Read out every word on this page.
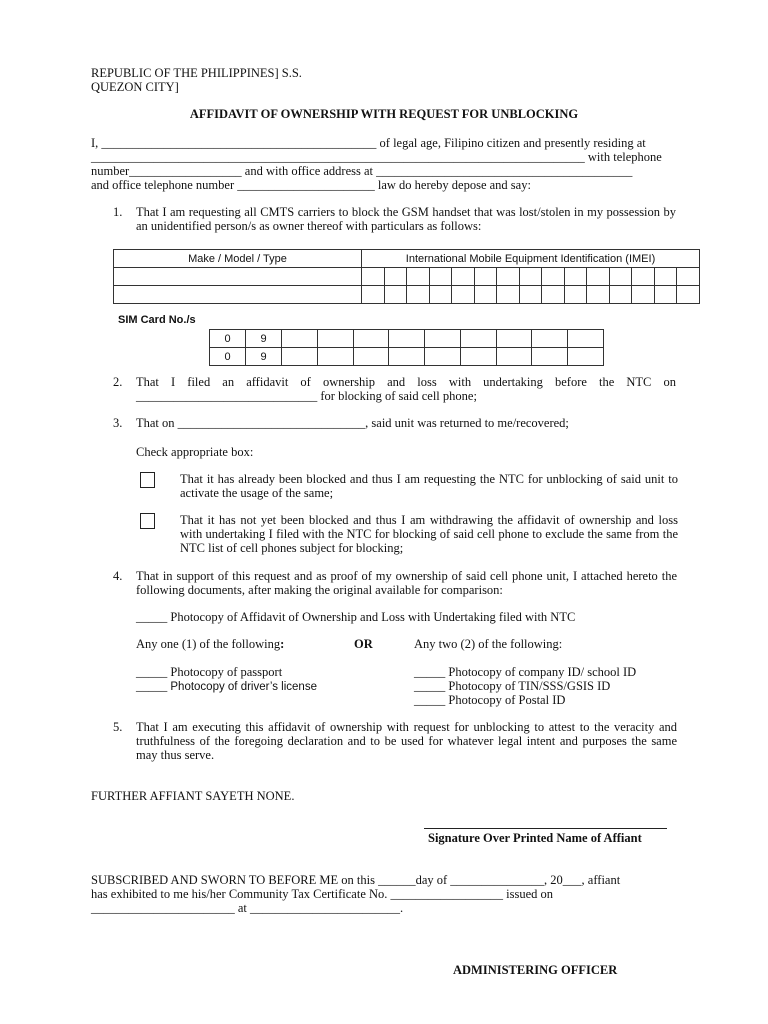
REPUBLIC OF THE PHILIPPINES] S.S.
QUEZON CITY]
AFFIDAVIT OF OWNERSHIP WITH REQUEST FOR UNBLOCKING
I, ____________________________________________ of legal age, Filipino citizen and presently residing at
_______________________________________________________________________________ with telephone
number__________________ and with office address at _________________________________________
and office telephone number ______________________ law do hereby depose and say:
1. That I am requesting all CMTS carriers to block the GSM handset that was lost/stolen in my possession by an unidentified person/s as owner thereof with particulars as follows:
Make / Model / Type	International Mobile Equipment Identification (IMEI)														

SIM Card No./s
0	9									
0	9									
2. That I filed an affidavit of ownership and loss with undertaking before the NTC on
_____________________________ for blocking of said cell phone;
3. That on ______________________________, said unit was returned to me/recovered;
Check appropriate box:
That it has already been blocked and thus I am requesting the NTC for unblocking of said unit to activate the usage of the same;
That it has not yet been blocked and thus I am withdrawing the affidavit of ownership and loss with undertaking I filed with the NTC for blocking of said cell phone to exclude the same from the NTC list of cell phones subject for blocking;
4. That in support of this request and as proof of my ownership of said cell phone unit, I attached hereto the following documents, after making the original available for comparison:
_____ Photocopy of Affidavit of Ownership and Loss with Undertaking filed with NTC
Any one (1) of the following:	OR	Any two (2) of the following:
_____ Photocopy of passport
_____ Photocopy of driver’s license
_____ Photocopy of company ID/ school ID
_____ Photocopy of TIN/SSS/GSIS ID
_____ Photocopy of Postal ID
5. That I am executing this affidavit of ownership with request for unblocking to attest to the veracity and truthfulness of the foregoing declaration and to be used for whatever legal intent and purposes the same may thus serve.
FURTHER AFFIANT SAYETH NONE.
Signature Over Printed Name of Affiant
SUBSCRIBED AND SWORN TO BEFORE ME on this ______day of _______________, 20___, affiant
has exhibited to me his/her Community Tax Certificate No. __________________ issued on
_______________________ at ________________________.
ADMINISTERING OFFICER
